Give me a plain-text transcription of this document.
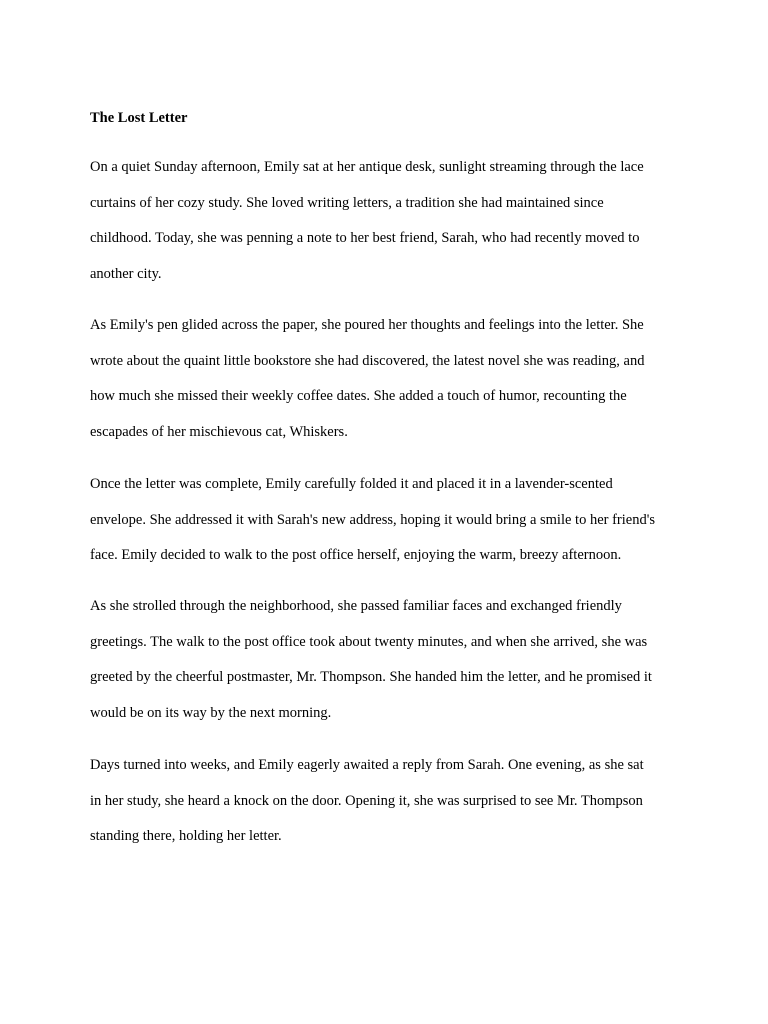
The Lost Letter

On a quiet Sunday afternoon, Emily sat at her antique desk, sunlight streaming through the lace
curtains of her cozy study. She loved writing letters, a tradition she had maintained since
childhood. Today, she was penning a note to her best friend, Sarah, who had recently moved to
another city.

As Emily's pen glided across the paper, she poured her thoughts and feelings into the letter. She
wrote about the quaint little bookstore she had discovered, the latest novel she was reading, and
how much she missed their weekly coffee dates. She added a touch of humor, recounting the
escapades of her mischievous cat, Whiskers.

Once the letter was complete, Emily carefully folded it and placed it in a lavender-scented
envelope. She addressed it with Sarah's new address, hoping it would bring a smile to her friend's
face. Emily decided to walk to the post office herself, enjoying the warm, breezy afternoon.

As she strolled through the neighborhood, she passed familiar faces and exchanged friendly
greetings. The walk to the post office took about twenty minutes, and when she arrived, she was
greeted by the cheerful postmaster, Mr. Thompson. She handed him the letter, and he promised it
would be on its way by the next morning.

Days turned into weeks, and Emily eagerly awaited a reply from Sarah. One evening, as she sat
in her study, she heard a knock on the door. Opening it, she was surprised to see Mr. Thompson
standing there, holding her letter.
